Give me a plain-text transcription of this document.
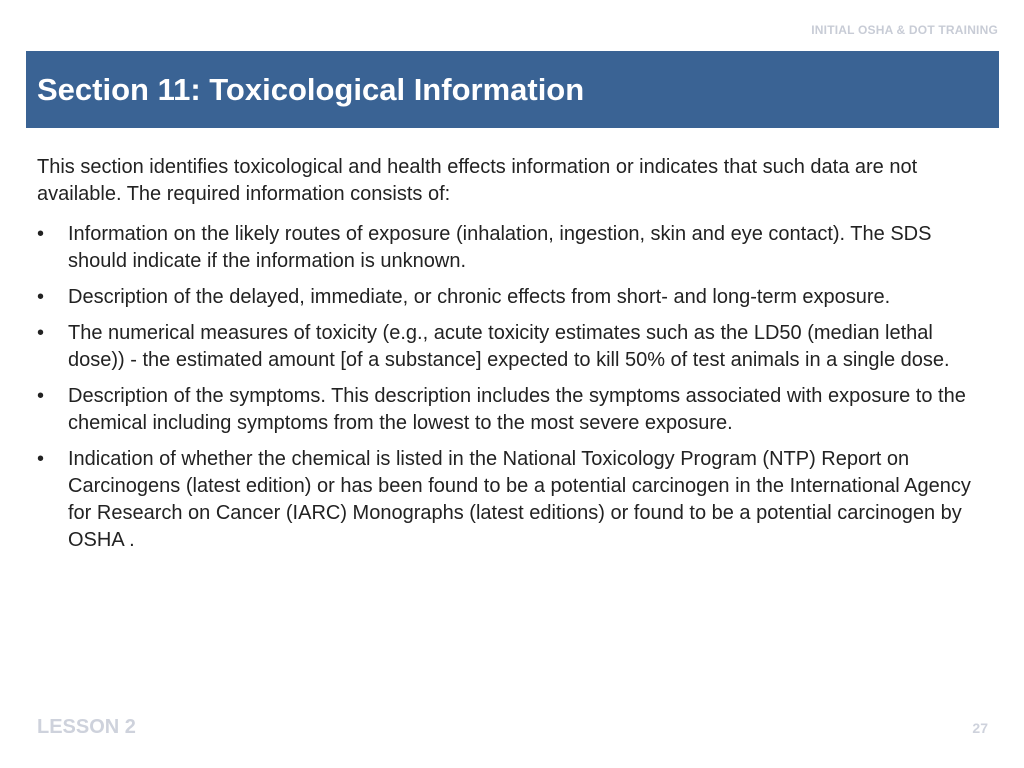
INITIAL OSHA & DOT TRAINING
Section 11: Toxicological Information

This section identifies toxicological and health effects information or indicates that such data are not available. The required information consists of:

• Information on the likely routes of exposure (inhalation, ingestion, skin and eye contact). The SDS should indicate if the information is unknown.
• Description of the delayed, immediate, or chronic effects from short- and long-term exposure.
• The numerical measures of toxicity (e.g., acute toxicity estimates such as the LD50 (median lethal dose)) - the estimated amount [of a substance] expected to kill 50% of test animals in a single dose.
• Description of the symptoms. This description includes the symptoms associated with exposure to the chemical including symptoms from the lowest to the most severe exposure.
• Indication of whether the chemical is listed in the National Toxicology Program (NTP) Report on Carcinogens (latest edition) or has been found to be a potential carcinogen in the International Agency for Research on Cancer (IARC) Monographs (latest editions) or found to be a potential carcinogen by OSHA .
LESSON 2	27
